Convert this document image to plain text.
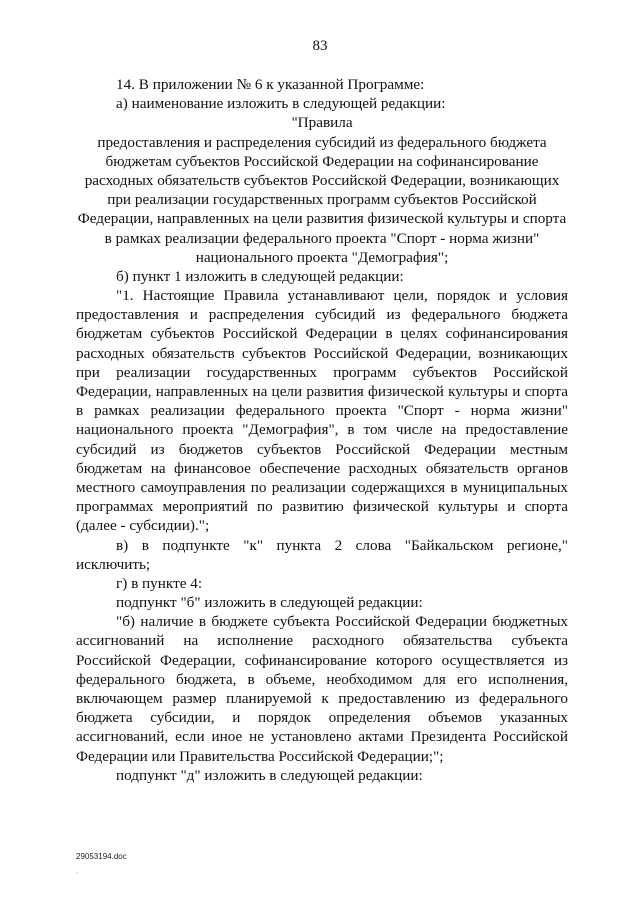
83
14. В приложении № 6 к указанной Программе:
а) наименование изложить в следующей редакции:
"Правила
предоставления и распределения субсидий из федерального бюджета
бюджетам субъектов Российской Федерации на софинансирование
расходных обязательств субъектов Российской Федерации, возникающих
при реализации государственных программ субъектов Российской
Федерации, направленных на цели развития физической культуры и спорта
в рамках реализации федерального проекта "Спорт - норма жизни"
национального проекта "Демография";
б) пункт 1 изложить в следующей редакции:
"1. Настоящие Правила устанавливают цели, порядок и условия
предоставления и распределения субсидий из федерального бюджета
бюджетам субъектов Российской Федерации в целях софинансирования
расходных обязательств субъектов Российской Федерации, возникающих
при реализации государственных программ субъектов Российской
Федерации, направленных на цели развития физической культуры и спорта
в рамках реализации федерального проекта "Спорт - норма жизни"
национального проекта "Демография", в том числе на предоставление
субсидий из бюджетов субъектов Российской Федерации местным
бюджетам на финансовое обеспечение расходных обязательств органов
местного самоуправления по реализации содержащихся в муниципальных
программах мероприятий по развитию физической культуры и спорта
(далее - субсидии).";
в) в подпункте "к" пункта 2 слова "Байкальском регионе,"
исключить;
г) в пункте 4:
подпункт "б" изложить в следующей редакции:
"б) наличие в бюджете субъекта Российской Федерации бюджетных
ассигнований на исполнение расходного обязательства субъекта
Российской Федерации, софинансирование которого осуществляется из
федерального бюджета, в объеме, необходимом для его исполнения,
включающем размер планируемой к предоставлению из федерального
бюджета субсидии, и порядок определения объемов указанных
ассигнований, если иное не установлено актами Президента Российской
Федерации или Правительства Российской Федерации;";
подпункт "д" изложить в следующей редакции:
29053194.doc
.
